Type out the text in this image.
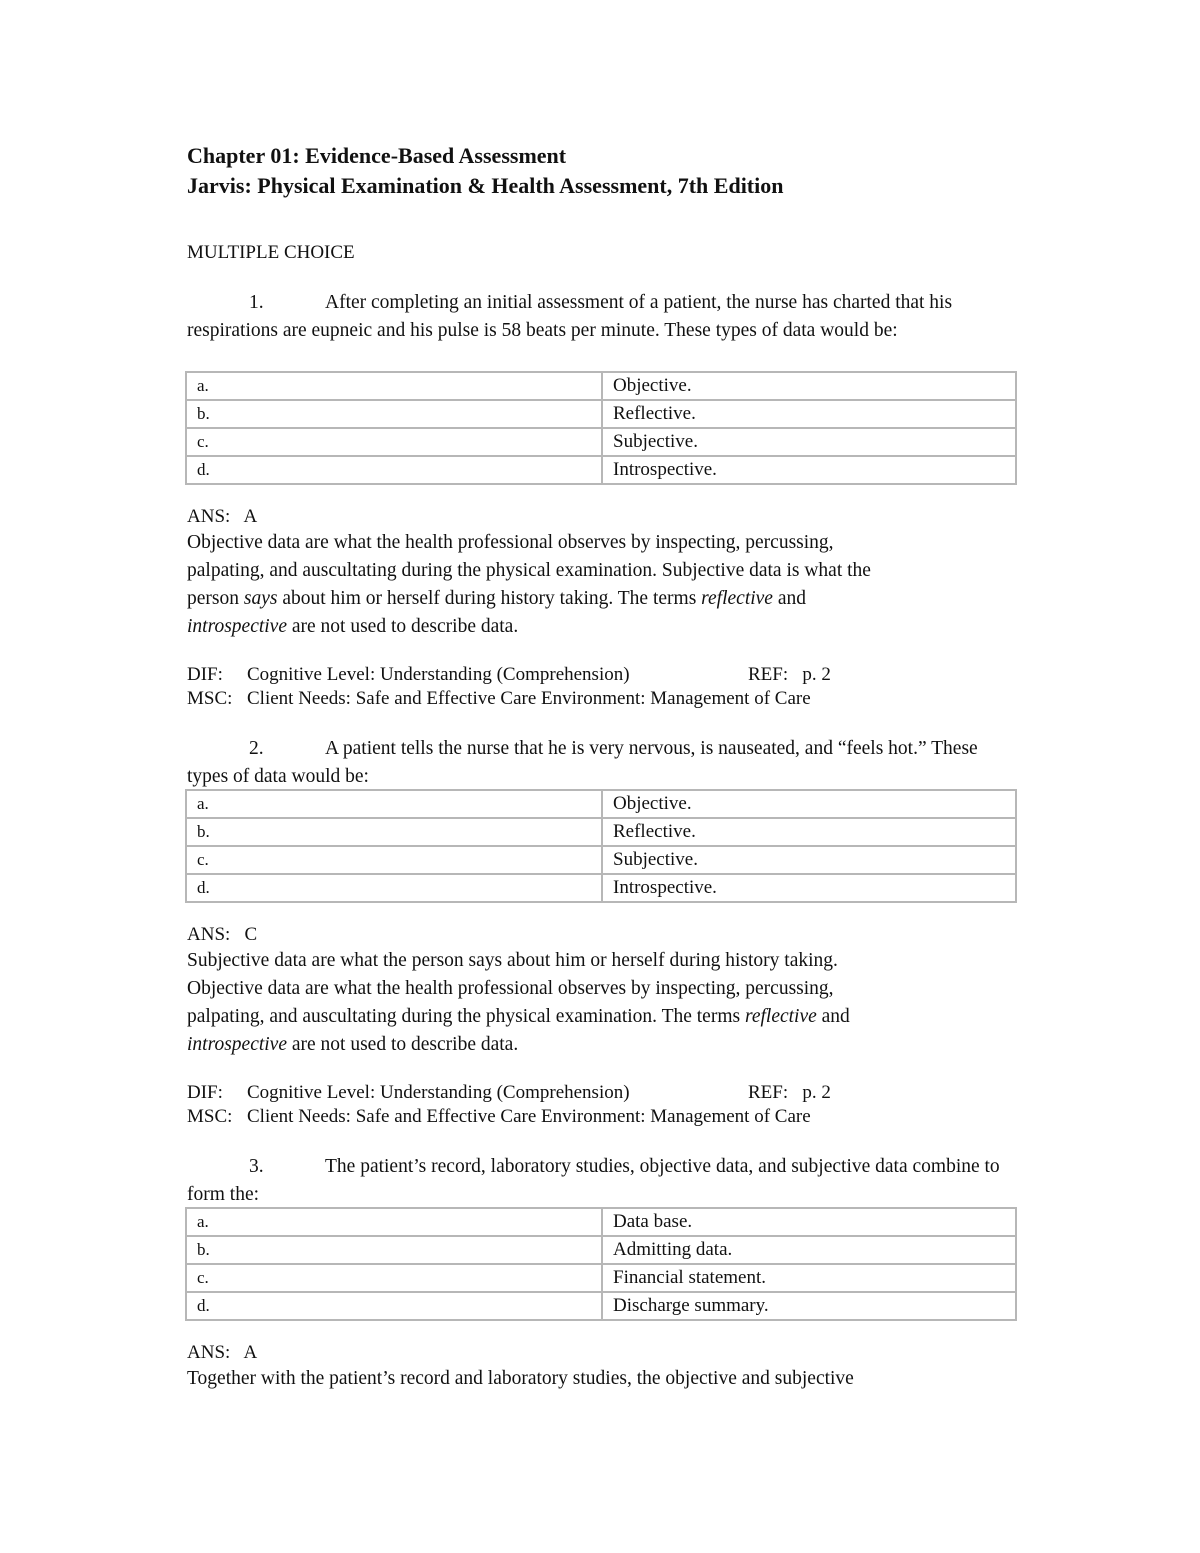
Chapter 01: Evidence-Based Assessment
Jarvis: Physical Examination & Health Assessment, 7th Edition
MULTIPLE CHOICE
1.	After completing an initial assessment of a patient, the nurse has charted that his respirations are eupneic and his pulse is 58 beats per minute. These types of data would be:
a.	Objective.
b.	Reflective.
c.	Subjective.
d.	Introspective.
ANS: A

Objective data are what the health professional observes by inspecting, percussing,

palpating, and auscultating during the physical examination. Subjective data is what the

person says about him or herself during history taking. The terms reflective and

introspective are not used to describe data.

DIF: Cognitive Level: Understanding (Comprehension)	REF: p. 2
MSC: Client Needs: Safe and Effective Care Environment: Management of Care
2.	A patient tells the nurse that he is very nervous, is nauseated, and “feels hot.” These types of data would be:
a.	Objective.
b.	Reflective.
c.	Subjective.
d.	Introspective.
ANS: C

Subjective data are what the person says about him or herself during history taking.

Objective data are what the health professional observes by inspecting, percussing,

palpating, and auscultating during the physical examination. The terms reflective and

introspective are not used to describe data.

DIF: Cognitive Level: Understanding (Comprehension)	REF: p. 2
MSC: Client Needs: Safe and Effective Care Environment: Management of Care
3.	The patient’s record, laboratory studies, objective data, and subjective data combine to form the:
a.	Data base.
b.	Admitting data.
c.	Financial statement.
d.	Discharge summary.
ANS: A

Together with the patient’s record and laboratory studies, the objective and subjective
